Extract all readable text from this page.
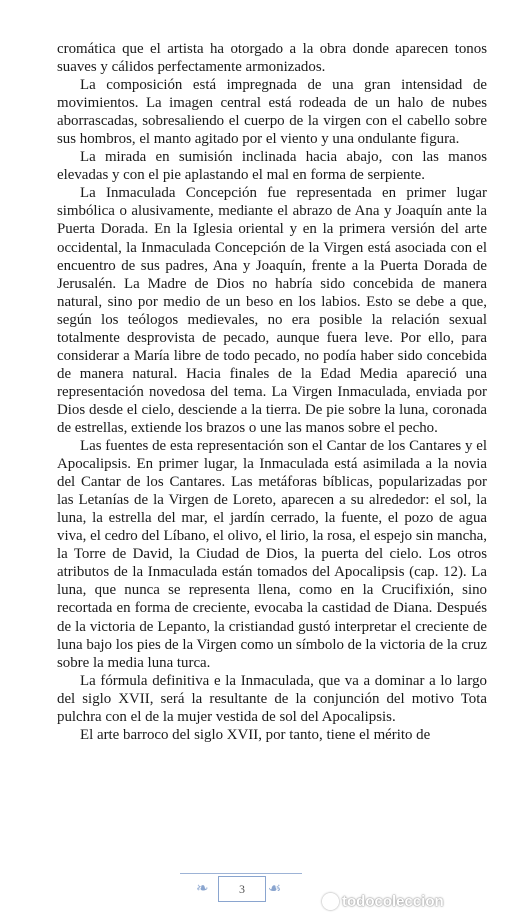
cromática que el artista ha otorgado a la obra donde aparecen tonos suaves y cálidos perfectamente armonizados.

La composición está impregnada de una gran intensidad de movimientos. La imagen central está rodeada de un halo de nubes aborrascadas, sobresaliendo el cuerpo de la virgen con el cabello sobre sus hombros, el manto agitado por el viento y una ondulante figura.

La mirada en sumisión inclinada hacia abajo, con las manos elevadas y con el pie aplastando el mal en forma de serpiente.

La Inmaculada Concepción fue representada en primer lugar simbólica o alusivamente, mediante el abrazo de Ana y Joaquín ante la Puerta Dorada. En la Iglesia oriental y en la primera versión del arte occidental, la Inmaculada Concepción de la Virgen está asociada con el encuentro de sus padres, Ana y Joaquín, frente a la Puerta Dorada de Jerusalén. La Madre de Dios no habría sido concebida de manera natural, sino por medio de un beso en los labios. Esto se debe a que, según los teólogos medievales, no era posible la relación sexual totalmente desprovista de pecado, aunque fuera leve. Por ello, para considerar a María libre de todo pecado, no podía haber sido concebida de manera natural. Hacia finales de la Edad Media apareció una representación novedosa del tema. La Virgen Inmaculada, enviada por Dios desde el cielo, desciende a la tierra. De pie sobre la luna, coronada de estrellas, extiende los brazos o une las manos sobre el pecho.

Las fuentes de esta representación son el Cantar de los Cantares y el Apocalipsis. En primer lugar, la Inmaculada está asimilada a la novia del Cantar de los Cantares. Las metáforas bíblicas, popularizadas por las Letanías de la Virgen de Loreto, aparecen a su alrededor: el sol, la luna, la estrella del mar, el jardín cerrado, la fuente, el pozo de agua viva, el cedro del Líbano, el olivo, el lirio, la rosa, el espejo sin mancha, la Torre de David, la Ciudad de Dios, la puerta del cielo. Los otros atributos de la Inmaculada están tomados del Apocalipsis (cap. 12). La luna, que nunca se representa llena, como en la Crucifixión, sino recortada en forma de creciente, evocaba la castidad de Diana. Después de la victoria de Lepanto, la cristiandad gustó interpretar el creciente de luna bajo los pies de la Virgen como un símbolo de la victoria de la cruz sobre la media luna turca.

La fórmula definitiva e la Inmaculada, que va a dominar a lo largo del siglo XVII, será la resultante de la conjunción del motivo Tota pulchra con el de la mujer vestida de sol del Apocalipsis.

El arte barroco del siglo XVII, por tanto, tiene el mérito de

❧	3 ☙
todocoleccion
